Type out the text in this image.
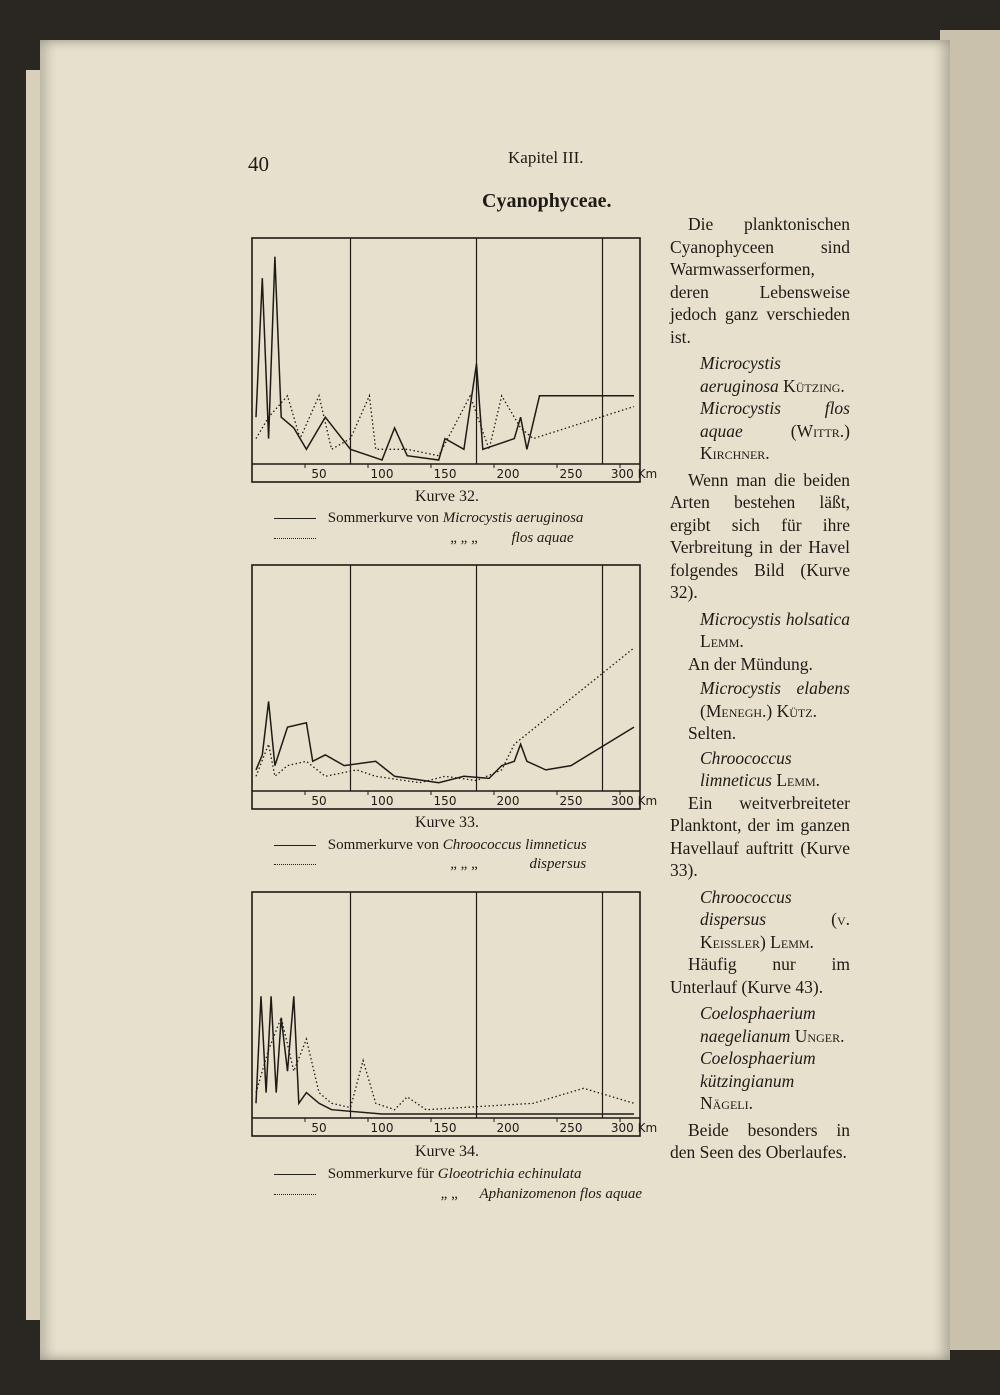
40	Kapitel III.
Cyanophyceae.
50	100	150	200	250 300 Km
Kurve 32.
Sommerkurve von Microcystis aeruginosa
„ „ „ flos aquae
50	100	150	200	250 300 Km
Kurve 33.
Sommerkurve von Chroococcus limneticus
„ „ „	dispersus
50	100	150	200	250 300 Km
Kurve 34.
Sommerkurve für Gloeotrichia echinulata
„ „ Aphanizomenon flos aquae

Die planktonischen Cyanophyceen sind Warmwasserformen, deren Lebensweise jedoch ganz verschieden ist.

Microcystis aeruginosa Kützing.

Microcystis flos aquae	(Wittr.) Kirchner.

Wenn man die beiden Arten bestehen läßt, ergibt sich für ihre Verbreitung in der Havel folgendes Bild (Kurve 32).

Microcystis holsatica Lemm.

An der Mündung.

Microcystis elabens (Menegh.) Kütz.

Selten.

Chroococcus limneticus Lemm.

Ein weitverbreiteter Planktont, der im ganzen Havellauf auftritt (Kurve 33).

Chroococcus dispersus	(v. Keissler) Lemm.

Häufig nur im Unterlauf (Kurve 43).

Coelosphaerium naegelianum Unger.

Coelosphaerium kützingianum Nägeli.

Beide besonders in den Seen des Oberlaufes.
